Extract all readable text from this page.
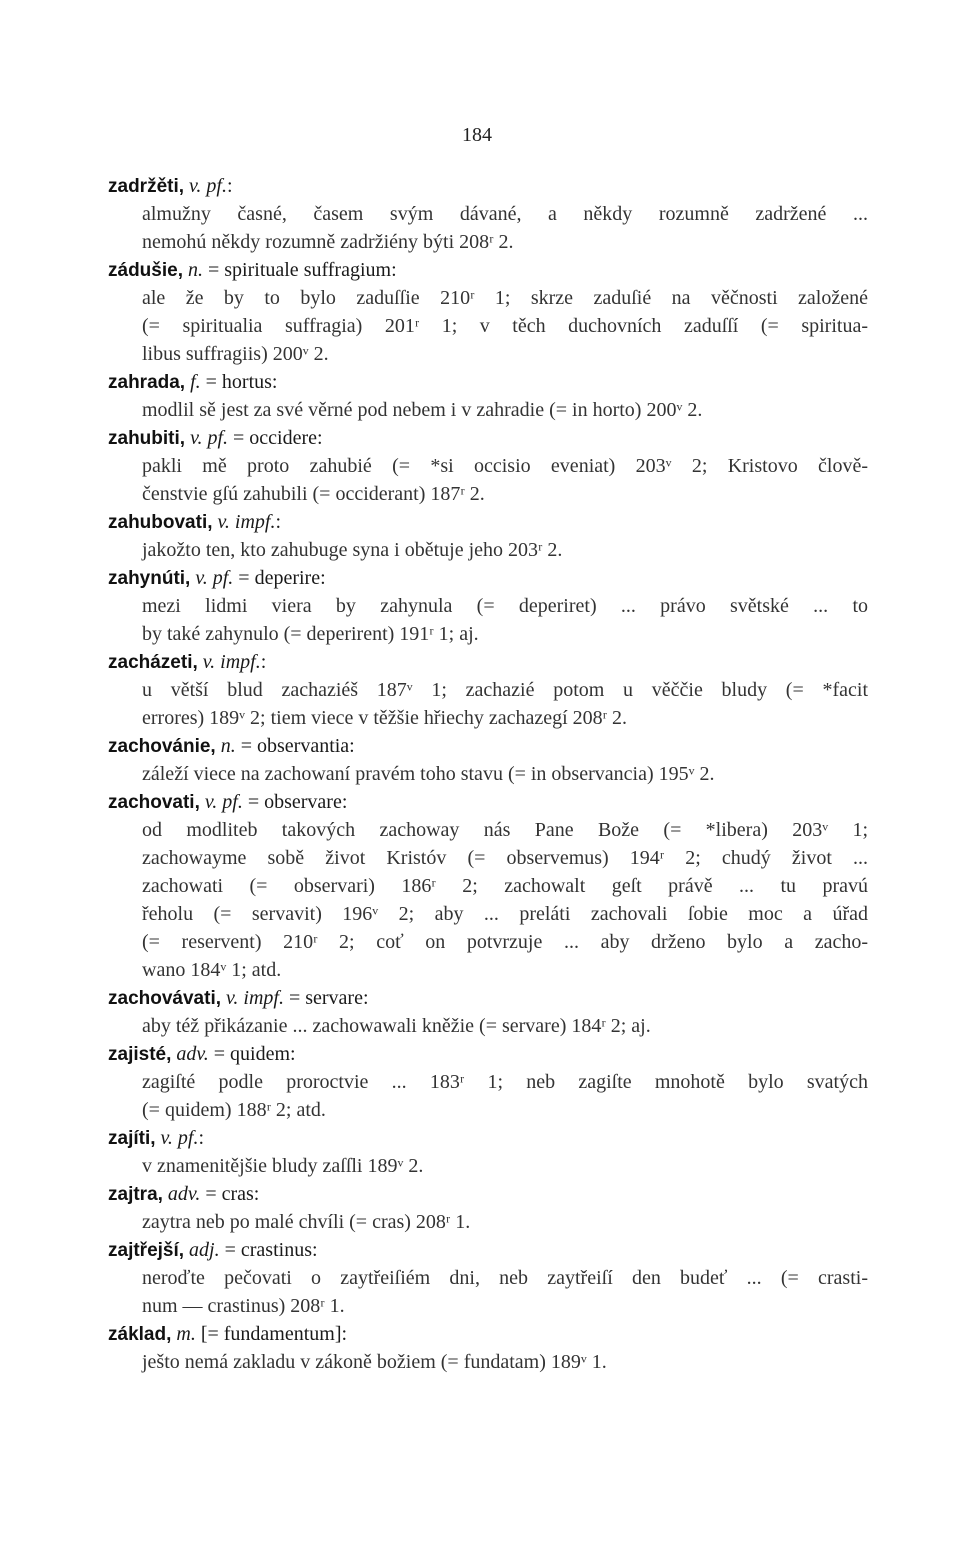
184
zadržěti, v. pf.:
almužny časné, časem svým dávané, a někdy rozumně zadržené ...
nemohú někdy rozumně zadržiény býti 208ʳ 2.
zádušie, n. = spirituale suffragium:
ale že by to bylo zaduſſie 210ʳ 1; skrze zaduſié na věčnosti založené
(= spiritualia suffragia) 201ʳ 1; v těch duchovních zaduſſí (= spiritua-
libus suffragiis) 200ᵛ 2.
zahrada, f. = hortus:
modlil sě jest za své věrné pod nebem i v zahradie (= in horto) 200ᵛ 2.
zahubiti, v. pf. = occidere:
pakli mě proto zahubié (= *si occisio eveniat) 203ᵛ 2; Kristovo člově-
čenstvie gſú zahubili (= occiderant) 187ʳ 2.
zahubovati, v. impf.:
jakožto ten, kto zahubuge syna i obětuje jeho 203ʳ 2.
zahynúti, v. pf. = deperire:
mezi lidmi viera by zahynula (= deperiret) ... právo světské ... to
by také zahynulo (= deperirent) 191ʳ 1; aj.
zacházeti, v. impf.:
u větší blud zachaziéš 187ᵛ 1; zachazié potom u věččie bludy (= *facit
errores) 189ᵛ 2; tiem viece v těžšie hřiechy zachazegí 208ʳ 2.
zachovánie, n. = observantia:
záleží viece na zachowaní pravém toho stavu (= in observancia) 195ᵛ 2.
zachovati, v. pf. = observare:
od modliteb takových zachoway nás Pane Bože (= *libera) 203ᵛ 1;
zachowayme sobě život Kristóv (= observemus) 194ʳ 2; chudý život ...
zachowati (= observari) 186ʳ 2; zachowalt geſt právě ... tu pravú
řeholu (= servavit) 196ᵛ 2; aby ... preláti zachovali ſobie moc a úřad
(= reservent) 210ʳ 2; coť on potvrzuje ... aby drženo bylo a zacho-
wano 184ᵛ 1; atd.
zachovávati, v. impf. = servare:
aby též přikázanie ... zachowawali kněžie (= servare) 184ʳ 2; aj.
zajisté, adv. = quidem:
zagiſté podle proroctvie ... 183ʳ 1; neb zagiſte mnohotě bylo svatých
(= quidem) 188ʳ 2; atd.
zajíti, v. pf.:
v znamenitějšie bludy zaſſli 189ᵛ 2.
zajtra, adv. = cras:
zaytra neb po malé chvíli (= cras) 208ʳ 1.
zajtřejší, adj. = crastinus:
neroďte pečovati o zaytřeiſiém dni, neb zaytřeiſí den budeť ... (= crasti-
num — crastinus) 208ʳ 1.
základ, m. [= fundamentum]:
ješto nemá zakladu v zákoně božiem (= fundatam) 189ᵛ 1.
